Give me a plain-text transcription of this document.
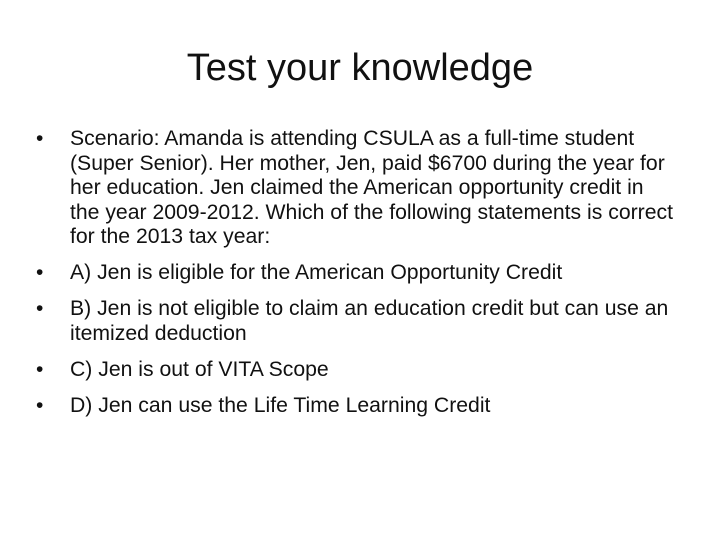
Test your knowledge
•	Scenario: Amanda is attending CSULA as a full-time student (Super Senior). Her mother, Jen, paid $6700 during the year for her education. Jen claimed the American opportunity credit in the year 2009-2012. Which of the following statements is correct for the 2013 tax year:
•	A) Jen is eligible for the American Opportunity Credit
•	B) Jen is not eligible to claim an education credit but can use an itemized deduction
•	C) Jen is out of VITA Scope
•	D) Jen can use the Life Time Learning Credit
